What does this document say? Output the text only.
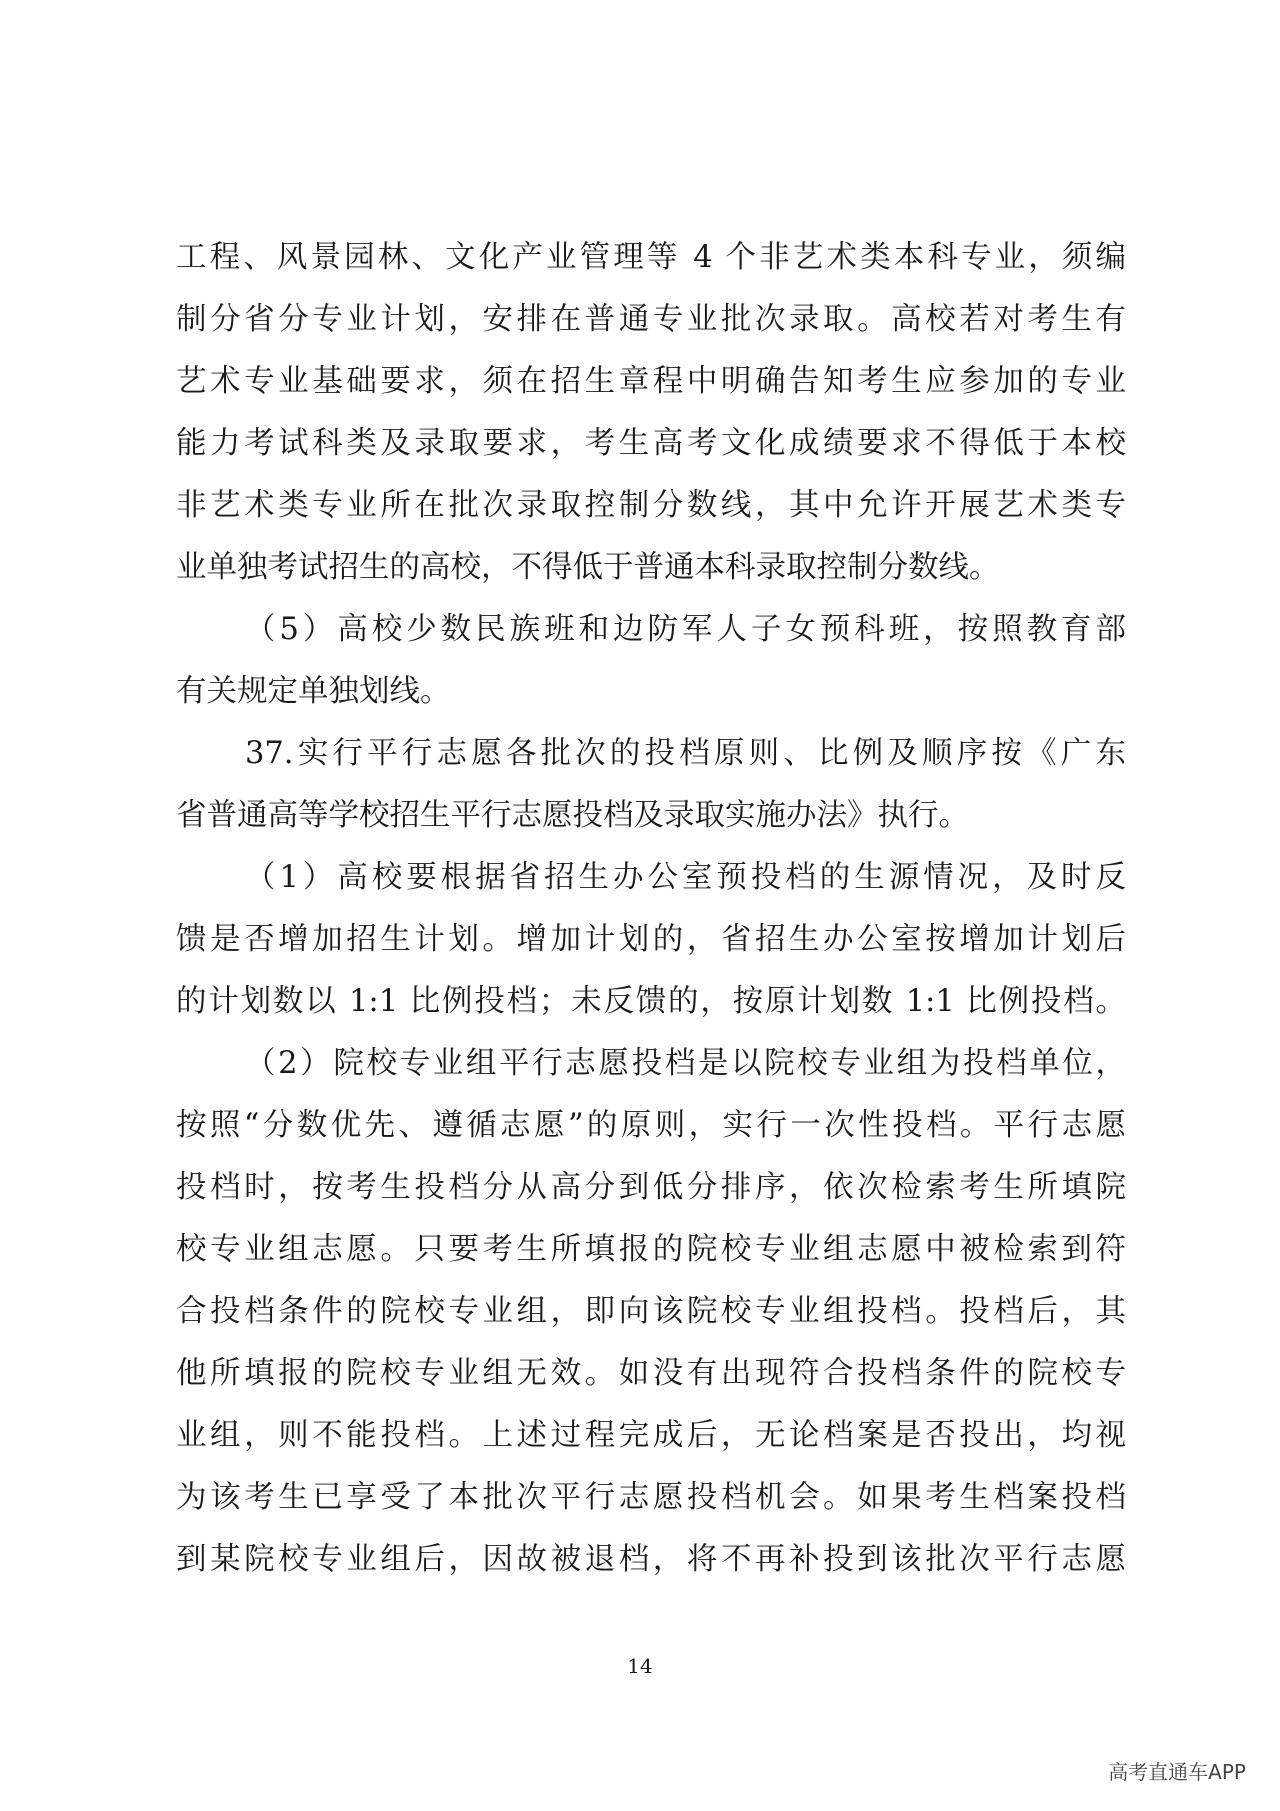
工程、风景园林、文化产业管理等 4 个非艺术类本科专业，须编
制分省分专业计划，安排在普通专业批次录取。高校若对考生有
艺术专业基础要求，须在招生章程中明确告知考生应参加的专业
能力考试科类及录取要求，考生高考文化成绩要求不得低于本校
非艺术类专业所在批次录取控制分数线，其中允许开展艺术类专
业单独考试招生的高校，不得低于普通本科录取控制分数线。
（5）高校少数民族班和边防军人子女预科班，按照教育部
有关规定单独划线。
37.实行平行志愿各批次的投档原则、比例及顺序按《广东
省普通高等学校招生平行志愿投档及录取实施办法》执行。
（1）高校要根据省招生办公室预投档的生源情况，及时反
馈是否增加招生计划。增加计划的，省招生办公室按增加计划后
的计划数以 1:1 比例投档；未反馈的，按原计划数 1:1 比例投档。
（2）院校专业组平行志愿投档是以院校专业组为投档单位，
按照“分数优先、遵循志愿”的原则，实行一次性投档。平行志愿
投档时，按考生投档分从高分到低分排序，依次检索考生所填院
校专业组志愿。只要考生所填报的院校专业组志愿中被检索到符
合投档条件的院校专业组，即向该院校专业组投档。投档后，其
他所填报的院校专业组无效。如没有出现符合投档条件的院校专
业组，则不能投档。上述过程完成后，无论档案是否投出，均视
为该考生已享受了本批次平行志愿投档机会。如果考生档案投档
到某院校专业组后，因故被退档，将不再补投到该批次平行志愿
14
高考直通车APP
